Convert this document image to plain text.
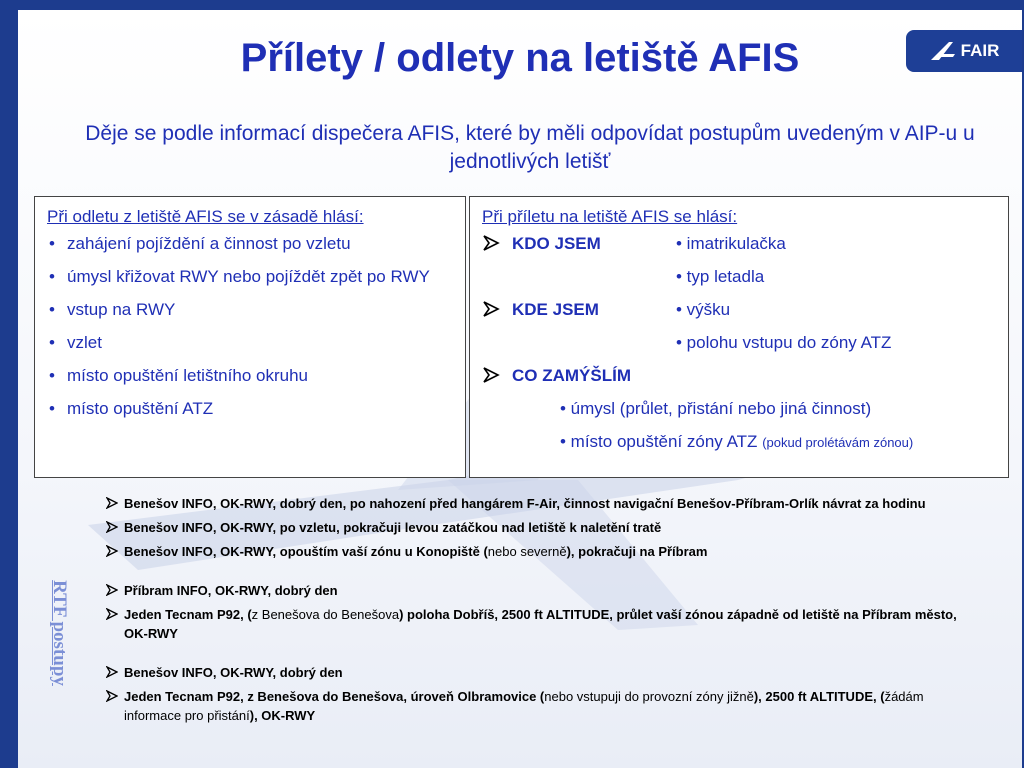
FAIR
Přílety / odlety na letiště AFIS

Děje se podle informací dispečera AFIS, které by měli odpovídat postupům uvedeným v AIP-u u jednotlivých letišť

Při odletu z letiště AFIS se v zásadě hlásí:

• zahájení pojíždění a činnost po vzletu
• úmysl křižovat RWY nebo pojíždět zpět po RWY
• vstup na RWY
• vzlet
• místo opuštění letištního okruhu
• místo opuštění ATZ

Při příletu na letiště AFIS se hlásí:

KDO JSEM	• imatrikulačka
• typ letadla
KDE JSEM	• výšku
• polohu vstupu do zóny ATZ
CO ZAMÝŠLÍM
• úmysl (průlet, přistání nebo jiná činnost)
• místo opuštění zóny ATZ (pokud prolétávám zónou)
RTF postupy
Benešov INFO, OK-RWY, dobrý den, po nahození před hangárem F-Air, činnost navigační Benešov-Příbram-Orlík návrat za hodinu
Benešov INFO, OK-RWY, po vzletu, pokračuji levou zatáčkou nad letiště k naletění tratě
Benešov INFO, OK-RWY, opouštím vaší zónu u Konopiště (nebo severně), pokračuji na Příbram
Příbram INFO, OK-RWY, dobrý den
Jeden Tecnam P92, (z Benešova do Benešova) poloha Dobříš, 2500 ft ALTITUDE, průlet vaší zónou západně od letiště na Příbram město, OK-RWY
Benešov INFO, OK-RWY, dobrý den
Jeden Tecnam P92, z Benešova do Benešova, úroveň Olbramovice (nebo vstupuji do provozní zóny jižně), 2500 ft ALTITUDE, (žádám informace pro přistání), OK-RWY
